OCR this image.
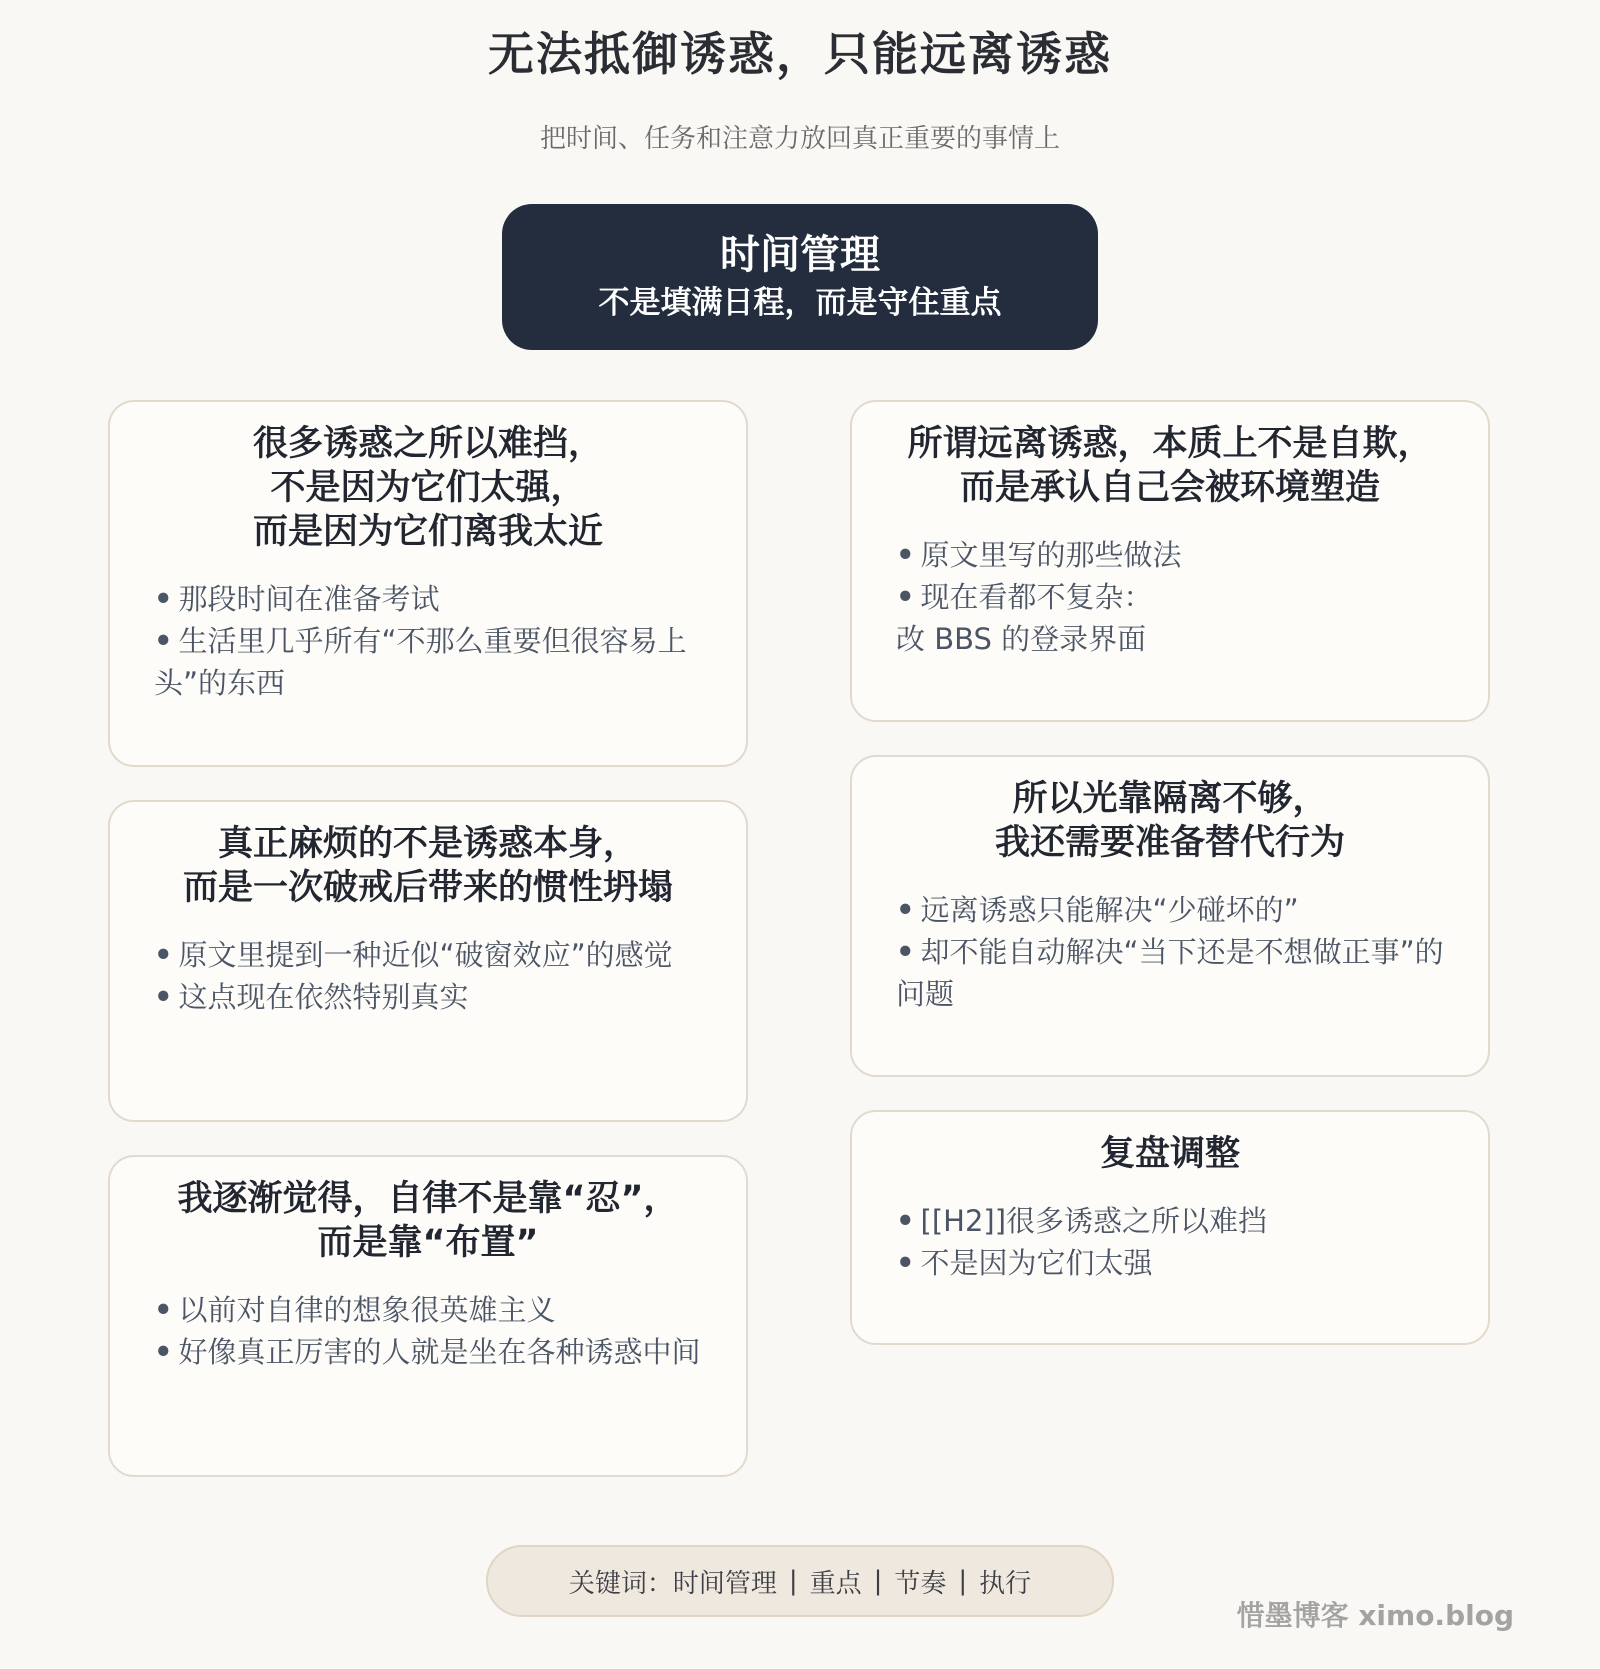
无法抵御诱惑，只能远离诱惑
把时间、任务和注意力放回真正重要的事情上
时间管理
不是填满日程，而是守住重点
很多诱惑之所以难挡，
不是因为它们太强，
而是因为它们离我太近
• 那段时间在准备考试
• 生活里几乎所有“不那么重要但很容易上头”的东西
所谓远离诱惑，本质上不是自欺，
而是承认自己会被环境塑造
• 原文里写的那些做法
• 现在看都不复杂：
改 BBS 的登录界面
真正麻烦的不是诱惑本身，
而是一次破戒后带来的惯性坍塌
• 原文里提到一种近似“破窗效应”的感觉
• 这点现在依然特别真实
所以光靠隔离不够，
我还需要准备替代行为
• 远离诱惑只能解决“少碰坏的”
• 却不能自动解决“当下还是不想做正事”的问题
我逐渐觉得，自律不是靠“忍”，
而是靠“布置”
• 以前对自律的想象很英雄主义
• 好像真正厉害的人就是坐在各种诱惑中间
复盘调整
• [[H2]]很多诱惑之所以难挡
• 不是因为它们太强
关键词： 时间管理 | 重点 | 节奏 | 执行
惜墨博客 ximo.blog
